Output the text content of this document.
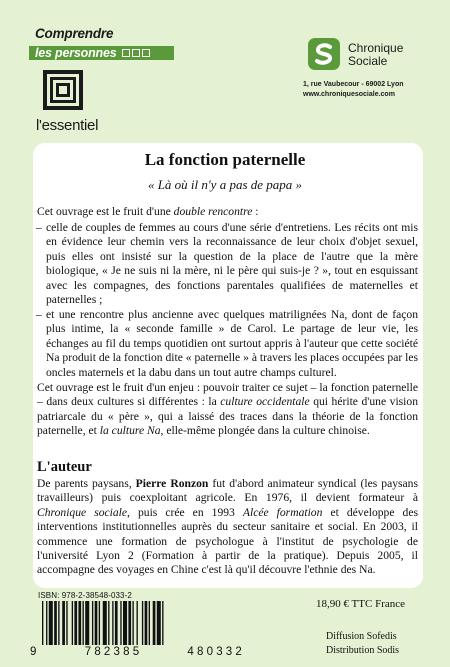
Comprendre
les personnes
l'essentiel
Chronique
Sociale
1, rue Vaubecour - 69002 Lyon
www.chroniquesociale.com
La fonction paternelle
« Là où il n'y a pas de papa »
Cet ouvrage est le fruit d'une double rencontre :
– celle de couples de femmes au cours d'une série d'entretiens. Les récits ont mis en évidence leur chemin vers la reconnaissance de leur choix d'objet sexuel, puis elles ont insisté sur la question de la place de l'autre que la mère biologique, « Je ne suis ni la mère, ni le père qui suis-je ? », tout en esquissant avec les compagnes, des fonctions parentales qualifiées de maternelles et paternelles ;
– et une rencontre plus ancienne avec quelques matrilignées Na, dont de façon plus intime, la « seconde famille » de Carol. Le partage de leur vie, les échanges au fil du temps quotidien ont surtout appris à l'auteur que cette société Na produit de la fonction dite « paternelle » à travers les places occupées par les oncles maternels et la dabu dans un tout autre champs culturel.
Cet ouvrage est le fruit d'un enjeu : pouvoir traiter ce sujet – la fonction paternelle – dans deux cultures si différentes : la culture occidentale qui hérite d'une vision patriarcale du « père », qui a laissé des traces dans la théorie de la fonction paternelle, et la culture Na, elle-même plongée dans la culture chinoise.
L'auteur
De parents paysans, Pierre Ronzon fut d'abord animateur syndical (les paysans travailleurs) puis coexploitant agricole. En 1976, il devient formateur à Chronique sociale, puis crée en 1993 Alcée formation et développe des interventions institutionnelles auprès du secteur sanitaire et social. En 2003, il commence une formation de psychologue à l'institut de psychologie de l'université Lyon 2 (Formation à partir de la pratique). Depuis 2005, il accompagne des voyages en Chine c'est là qu'il découvre l'ethnie des Na.
ISBN: 978-2-38548-033-2
9	782385	480332
18,90 € TTC France
Diffusion Sofedis
Distribution Sodis
